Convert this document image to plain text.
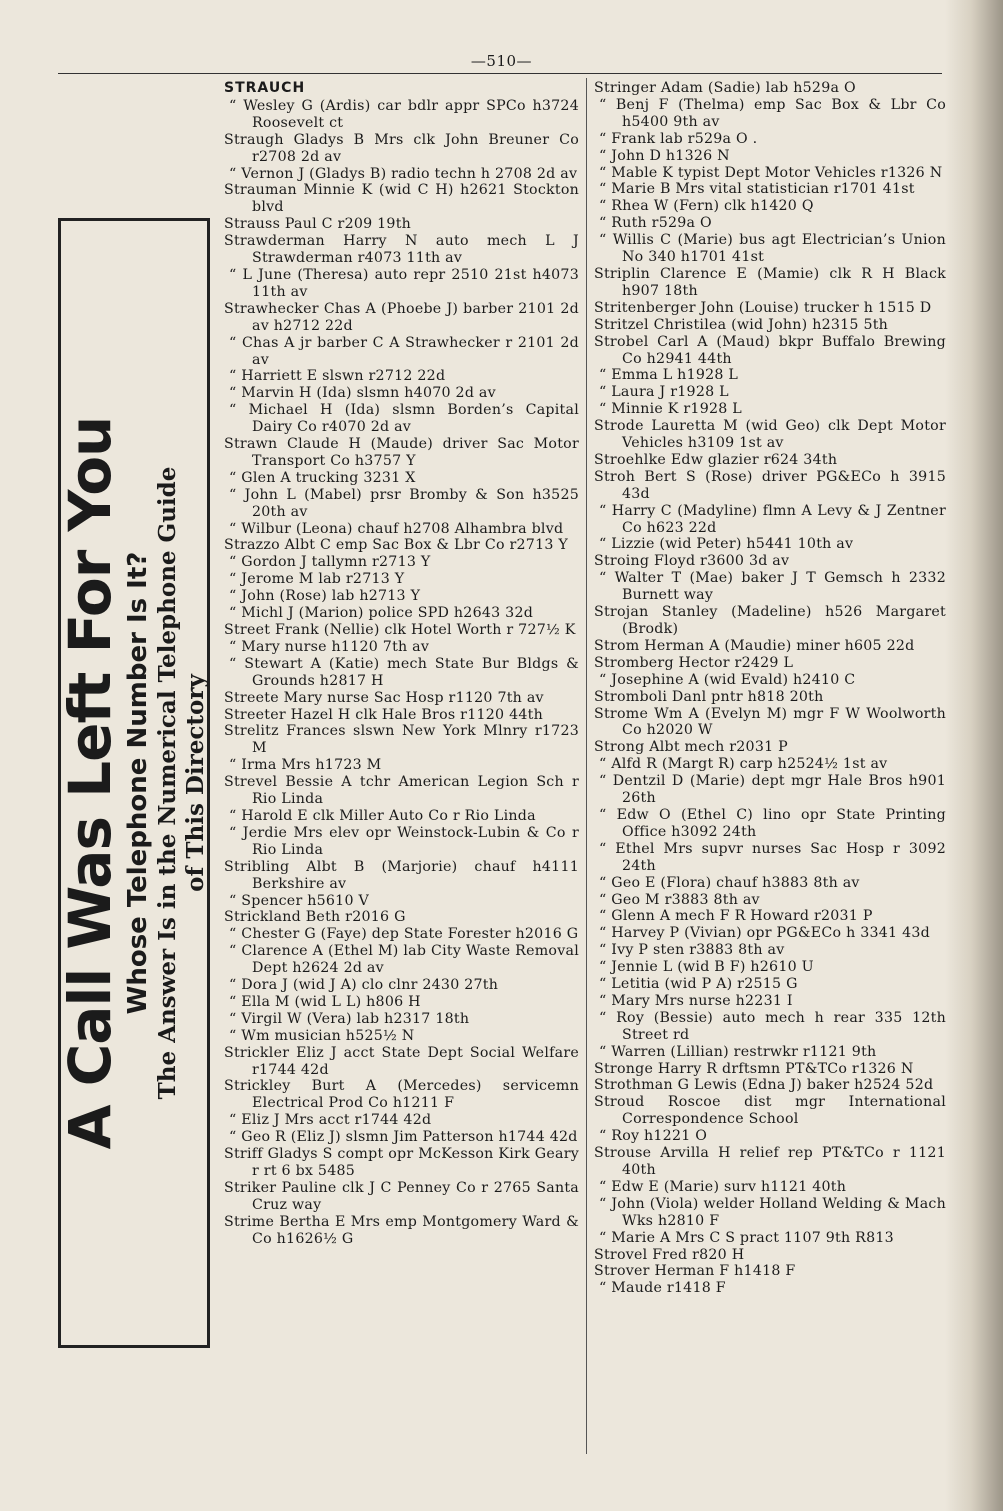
—510—
A Call Was Left For You Whose Telephone Number Is It? The Answer Is in the Numerical Telephone Guide of This Directory
STRAUCH

“ Wesley G (Ardis) car bdlr appr SPCo h3724 Roosevelt ct

Straugh Gladys B Mrs clk John Breuner Co r2708 2d av

“ Vernon J (Gladys B) radio techn h 2708 2d av

Strauman Minnie K (wid C H) h2621 Stockton blvd

Strauss Paul C r209 19th

Strawderman Harry N auto mech L J Strawderman r4073 11th av

“ L June (Theresa) auto repr 2510 21st h4073 11th av

Strawhecker Chas A (Phoebe J) barber 2101 2d av h2712 22d

“ Chas A jr barber C A Strawhecker r 2101 2d av

“ Harriett E slswn r2712 22d

“ Marvin H (Ida) slsmn h4070 2d av

“ Michael H (Ida) slsmn Borden’s Capital Dairy Co r4070 2d av

Strawn Claude H (Maude) driver Sac Motor Transport Co h3757 Y

“ Glen A trucking 3231 X

“ John L (Mabel) prsr Bromby & Son h3525 20th av

“ Wilbur (Leona) chauf h2708 Alhambra blvd

Strazzo Albt C emp Sac Box & Lbr Co r2713 Y

“ Gordon J tallymn r2713 Y

“ Jerome M lab r2713 Y

“ John (Rose) lab h2713 Y

“ Michl J (Marion) police SPD h2643 32d

Street Frank (Nellie) clk Hotel Worth r 727½ K

“ Mary nurse h1120 7th av

“ Stewart A (Katie) mech State Bur Bldgs & Grounds h2817 H

Streete Mary nurse Sac Hosp r1120 7th av

Streeter Hazel H clk Hale Bros r1120 44th

Strelitz Frances slswn New York Mlnry r1723 M

“ Irma Mrs h1723 M

Strevel Bessie A tchr American Legion Sch r Rio Linda

“ Harold E clk Miller Auto Co r Rio Linda

“ Jerdie Mrs elev opr Weinstock-Lubin & Co r Rio Linda

Stribling Albt B (Marjorie) chauf h4111 Berkshire av

“ Spencer h5610 V

Strickland Beth r2016 G

“ Chester G (Faye) dep State Forester h2016 G

“ Clarence A (Ethel M) lab City Waste Removal Dept h2624 2d av

“ Dora J (wid J A) clo clnr 2430 27th

“ Ella M (wid L L) h806 H

“ Virgil W (Vera) lab h2317 18th

“ Wm musician h525½ N

Strickler Eliz J acct State Dept Social Welfare r1744 42d

Strickley Burt A (Mercedes) servicemn Electrical Prod Co h1211 F

“ Eliz J Mrs acct r1744 42d

“ Geo R (Eliz J) slsmn Jim Patterson h1744 42d

Striff Gladys S compt opr McKesson Kirk Geary r rt 6 bx 5485

Striker Pauline clk J C Penney Co r 2765 Santa Cruz way

Strime Bertha E Mrs emp Montgomery Ward & Co h1626½ G

Stringer Adam (Sadie) lab h529a O

“ Benj F (Thelma) emp Sac Box & Lbr Co h5400 9th av

“ Frank lab r529a O .

“ John D h1326 N

“ Mable K typist Dept Motor Vehicles r1326 N

“ Marie B Mrs vital statistician r1701 41st

“ Rhea W (Fern) clk h1420 Q

“ Ruth r529a O

“ Willis C (Marie) bus agt Electrician’s Union No 340 h1701 41st

Striplin Clarence E (Mamie) clk R H Black h907 18th

Stritenberger John (Louise) trucker h 1515 D

Stritzel Christilea (wid John) h2315 5th

Strobel Carl A (Maud) bkpr Buffalo Brewing Co h2941 44th

“ Emma L h1928 L

“ Laura J r1928 L

“ Minnie K r1928 L

Strode Lauretta M (wid Geo) clk Dept Motor Vehicles h3109 1st av

Stroehlke Edw glazier r624 34th

Stroh Bert S (Rose) driver PG&ECo h 3915 43d

“ Harry C (Madyline) flmn A Levy & J Zentner Co h623 22d

“ Lizzie (wid Peter) h5441 10th av

Stroing Floyd r3600 3d av

“ Walter T (Mae) baker J T Gemsch h 2332 Burnett way

Strojan Stanley (Madeline) h526 Margaret (Brodk)

Strom Herman A (Maudie) miner h605 22d

Stromberg Hector r2429 L

“ Josephine A (wid Evald) h2410 C

Stromboli Danl pntr h818 20th

Strome Wm A (Evelyn M) mgr F W Woolworth Co h2020 W

Strong Albt mech r2031 P

“ Alfd R (Margt R) carp h2524½ 1st av

“ Dentzil D (Marie) dept mgr Hale Bros h901 26th

“ Edw O (Ethel C) lino opr State Printing Office h3092 24th

“ Ethel Mrs supvr nurses Sac Hosp r 3092 24th

“ Geo E (Flora) chauf h3883 8th av

“ Geo M r3883 8th av

“ Glenn A mech F R Howard r2031 P

“ Harvey P (Vivian) opr PG&ECo h 3341 43d

“ Ivy P sten r3883 8th av

“ Jennie L (wid B F) h2610 U

“ Letitia (wid P A) r2515 G

“ Mary Mrs nurse h2231 I

“ Roy (Bessie) auto mech h rear 335 12th Street rd

“ Warren (Lillian) restrwkr r1121 9th

Stronge Harry R drftsmn PT&TCo r1326 N

Strothman G Lewis (Edna J) baker h2524 52d

Stroud Roscoe dist mgr International Correspondence School

“ Roy h1221 O

Strouse Arvilla H relief rep PT&TCo r 1121 40th

“ Edw E (Marie) surv h1121 40th

“ John (Viola) welder Holland Welding & Mach Wks h2810 F

“ Marie A Mrs C S pract 1107 9th R813

Strovel Fred r820 H

Strover Herman F h1418 F

“ Maude r1418 F
